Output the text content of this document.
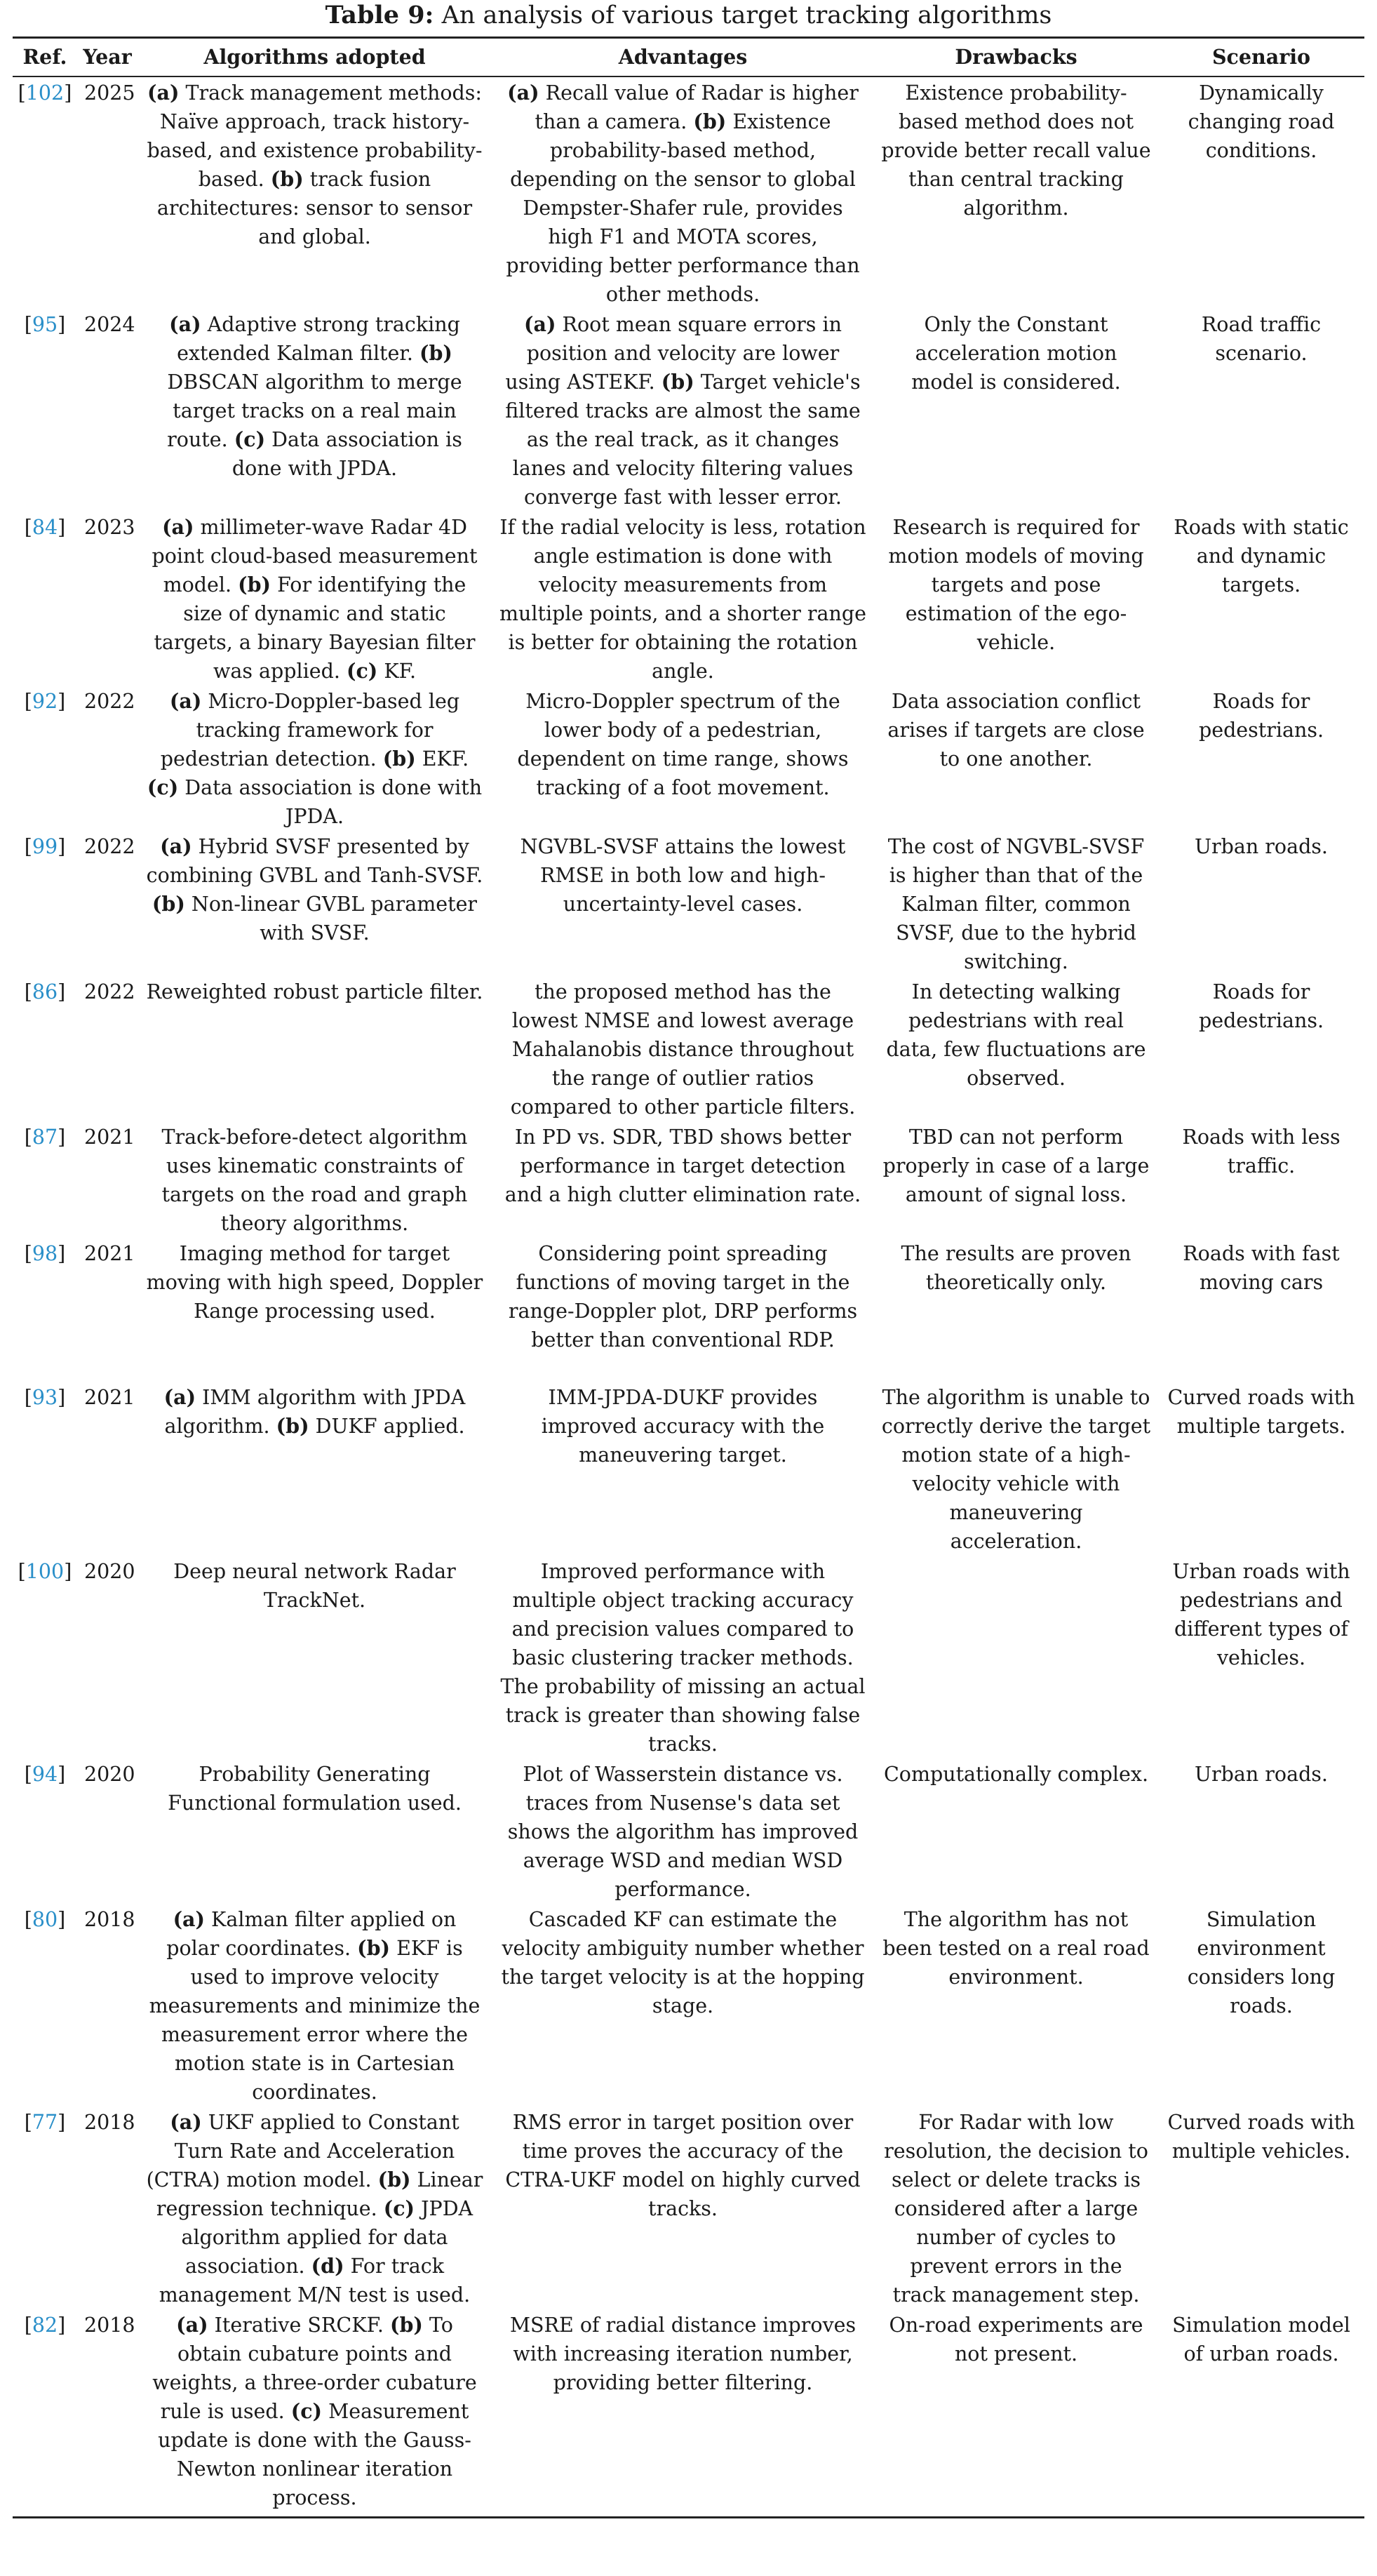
Table 9: An analysis of various target tracking algorithms
Ref.	Year	Algorithms adopted	Advantages	Drawbacks	Scenario
[102]	2025	(a) Track management methods: Naïve approach, track history-based, and existence probability-based. (b) track fusion architectures: sensor to sensor and global.	(a) Recall value of Radar is higher than a camera. (b) Existence probability-based method, depending on the sensor to global Dempster-Shafer rule, provides high F1 and MOTA scores, providing better performance than other methods.	Existence probability-based method does not provide better recall value than central tracking algorithm.	Dynamically changing road conditions.
[95]	2024	(a) Adaptive strong tracking extended Kalman filter. (b) DBSCAN algorithm to merge target tracks on a real main route. (c) Data association is done with JPDA.	(a) Root mean square errors in position and velocity are lower using ASTEKF. (b) Target vehicle's filtered tracks are almost the same as the real track, as it changes lanes and velocity filtering values converge fast with lesser error.	Only the Constant acceleration motion model is considered.	Road traffic scenario.
[84]	2023	(a) millimeter-wave Radar 4D point cloud-based measurement model. (b) For identifying the size of dynamic and static targets, a binary Bayesian filter was applied. (c) KF.	If the radial velocity is less, rotation angle estimation is done with velocity measurements from multiple points, and a shorter range is better for obtaining the rotation angle.	Research is required for motion models of moving targets and pose estimation of the ego-vehicle.	Roads with static and dynamic targets.
[92]	2022	(a) Micro-Doppler-based leg tracking framework for pedestrian detection. (b) EKF. (c) Data association is done with JPDA.	Micro-Doppler spectrum of the lower body of a pedestrian, dependent on time range, shows tracking of a foot movement.	Data association conflict arises if targets are close to one another.	Roads for pedestrians.
[99]	2022	(a) Hybrid SVSF presented by combining GVBL and Tanh-SVSF. (b) Non-linear GVBL parameter with SVSF.	NGVBL-SVSF attains the lowest RMSE in both low and high-uncertainty-level cases.	The cost of NGVBL-SVSF is higher than that of the Kalman filter, common SVSF, due to the hybrid switching.	Urban roads.
[86]	2022	Reweighted robust particle filter.	the proposed method has the lowest NMSE and lowest average Mahalanobis distance throughout the range of outlier ratios compared to other particle filters.	In detecting walking pedestrians with real data, few fluctuations are observed.	Roads for pedestrians.
[87]	2021	Track-before-detect algorithm uses kinematic constraints of targets on the road and graph theory algorithms.	In PD vs. SDR, TBD shows better performance in target detection and a high clutter elimination rate.	TBD can not perform properly in case of a large amount of signal loss.	Roads with less traffic.
[98]	2021	Imaging method for target moving with high speed, Doppler Range processing used.	Considering point spreading functions of moving target in the range-Doppler plot, DRP performs better than conventional RDP.	The results are proven theoretically only.	Roads with fast moving cars
[93]	2021	(a) IMM algorithm with JPDA algorithm. (b) DUKF applied.	IMM-JPDA-DUKF provides improved accuracy with the maneuvering target.	The algorithm is unable to correctly derive the target motion state of a high-velocity vehicle with maneuvering acceleration.	Curved roads with multiple targets.
[100]	2020	Deep neural network Radar TrackNet.	Improved performance with multiple object tracking accuracy and precision values compared to basic clustering tracker methods. The probability of missing an actual track is greater than showing false tracks.		Urban roads with pedestrians and different types of vehicles.
[94]	2020	Probability Generating Functional formulation used.	Plot of Wasserstein distance vs. traces from Nusense's data set shows the algorithm has improved average WSD and median WSD performance.	Computationally complex.	Urban roads.
[80]	2018	(a) Kalman filter applied on polar coordinates. (b) EKF is used to improve velocity measurements and minimize the measurement error where the motion state is in Cartesian coordinates.	Cascaded KF can estimate the velocity ambiguity number whether the target velocity is at the hopping stage.	The algorithm has not been tested on a real road environment.	Simulation environment considers long roads.
[77]	2018	(a) UKF applied to Constant Turn Rate and Acceleration (CTRA) motion model. (b) Linear regression technique. (c) JPDA algorithm applied for data association. (d) For track management M/N test is used.	RMS error in target position over time proves the accuracy of the CTRA-UKF model on highly curved tracks.	For Radar with low resolution, the decision to select or delete tracks is considered after a large number of cycles to prevent errors in the track management step.	Curved roads with multiple vehicles.
[82]	2018	(a) Iterative SRCKF. (b) To obtain cubature points and weights, a three-order cubature rule is used. (c) Measurement update is done with the Gauss-Newton nonlinear iteration process.	MSRE of radial distance improves with increasing iteration number, providing better filtering.	On-road experiments are not present.	Simulation model of urban roads.
